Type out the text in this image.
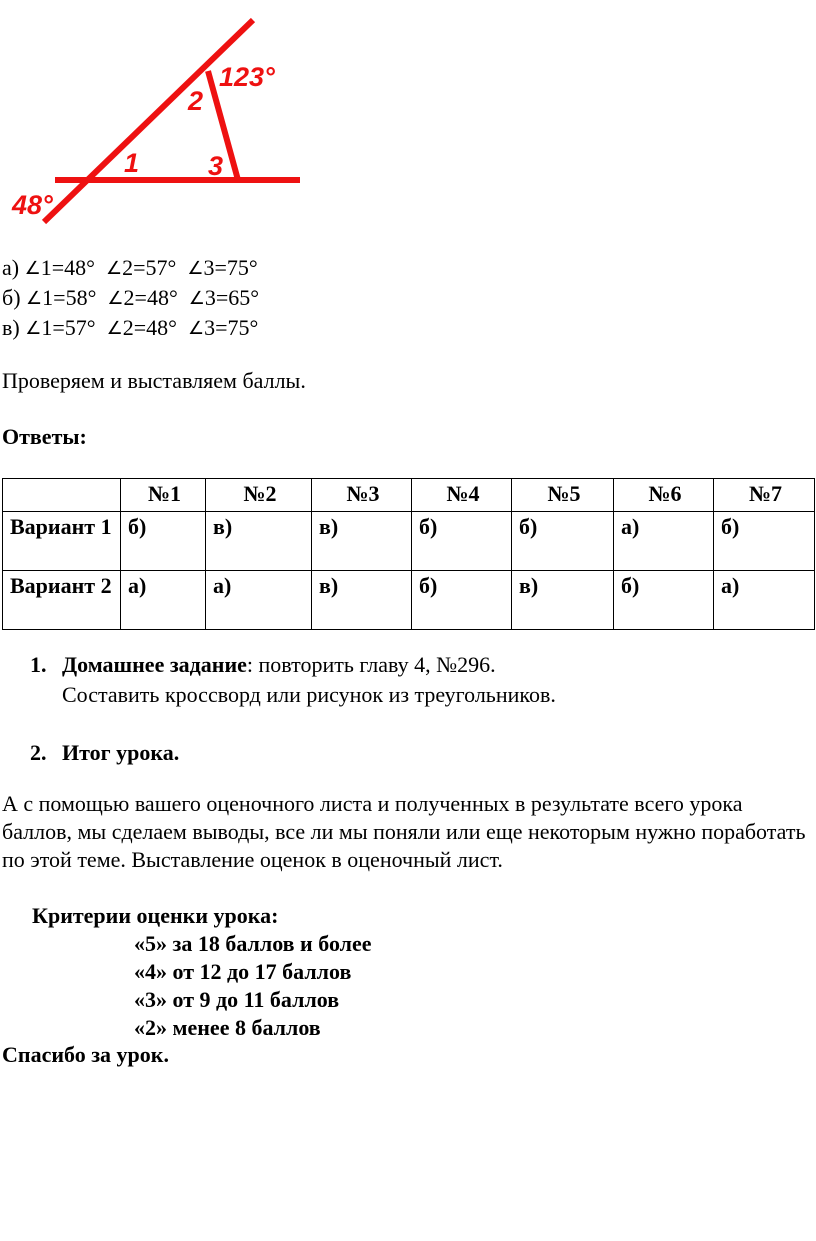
123°
2
1	3
48°
а) ∠1=48° ∠2=57° ∠3=75°
б) ∠1=58° ∠2=48° ∠3=65°
в) ∠1=57° ∠2=48° ∠3=75°
Проверяем и выставляем баллы.
Ответы:
	№1	№2	№3	№4	№5	№6	№7
Вариант 1	б)	в)	в)	б)	б)	а)	б)
Вариант 2	а)	а)	в)	б)	в)	б)	а)
1. Домашнее задание: повторить главу 4, №296.
Составить кроссворд или рисунок из треугольников.
2. Итог урока.
А с помощью вашего оценочного листа и полученных в результате всего урока баллов, мы сделаем выводы, все ли мы поняли или еще некоторым нужно поработать по этой теме. Выставление оценок в оценочный лист.
Критерии оценки урока:
«5» за 18 баллов и более
«4» от 12 до 17 баллов
«3» от 9 до 11 баллов
«2» менее 8 баллов
Спасибо за урок.
